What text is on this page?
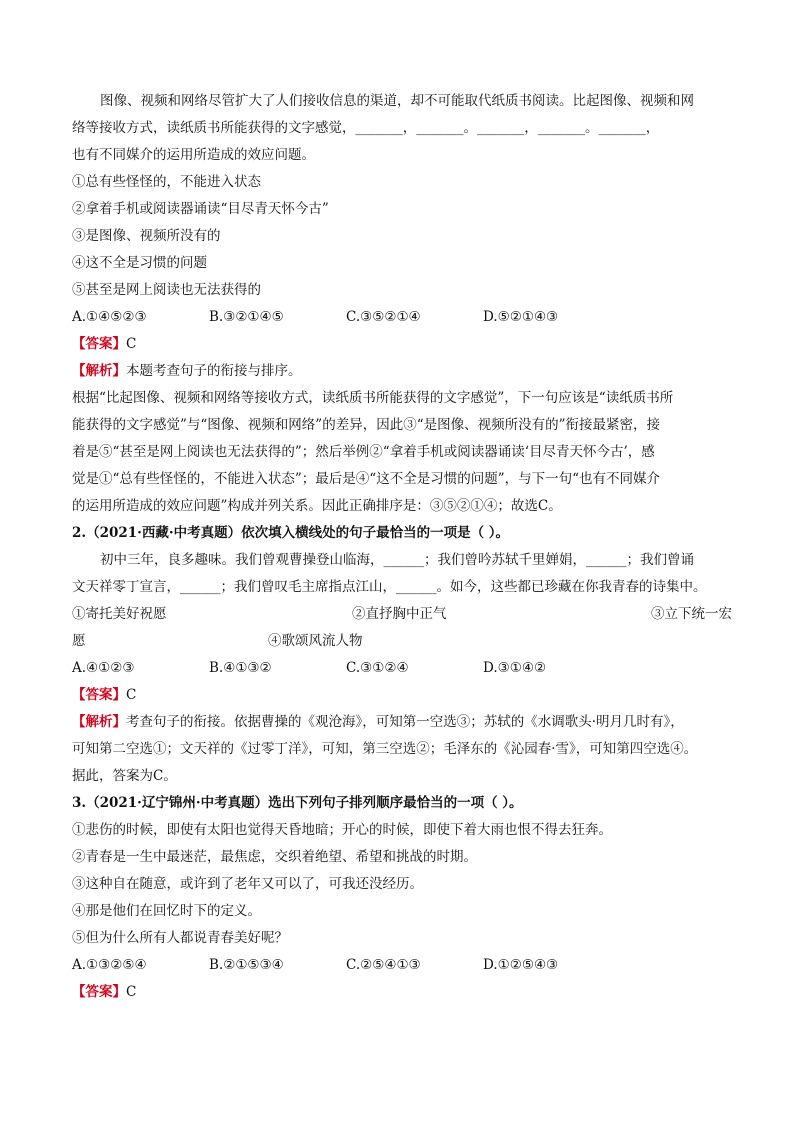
图像、视频和网络尽管扩大了人们接收信息的渠道，却不可能取代纸质书阅读。比起图像、视频和网

络等接收方式，读纸质书所能获得的文字感觉，_______，_______。_______，_______。_______，

也有不同媒介的运用所造成的效应问题。

①总有些怪怪的，不能进入状态

②拿着手机或阅读器诵读“目尽青天怀今古”

③是图像、视频所没有的

④这不全是习惯的问题

⑤甚至是网上阅读也无法获得的

A.①④⑤②③	B.③②①④⑤	C.③⑤②①④	D.⑤②①④③

【答案】C

【解析】本题考查句子的衔接与排序。

根据“比起图像、视频和网络等接收方式，读纸质书所能获得的文字感觉”，下一句应该是“读纸质书所

能获得的文字感觉”与“图像、视频和网络”的差异，因此③“是图像、视频所没有的”衔接最紧密，接

着是⑤“甚至是网上阅读也无法获得的”；然后举例②“拿着手机或阅读器诵读‘目尽青天怀今古’，感

觉是①“总有些怪怪的，不能进入状态”；最后是④“这不全是习惯的问题”，与下一句“也有不同媒介

的运用所造成的效应问题”构成并列关系。因此正确排序是：③⑤②①④；故选C。

2.（2021·西藏·中考真题）依次填入横线处的句子最恰当的一项是（ ）。

初中三年，良多趣味。我们曾观曹操登山临海，______；我们曾吟苏轼千里婵娟，______；我们曾诵

文天祥零丁宣言，______；我们曾叹毛主席指点江山，______。如今，这些都已珍藏在你我青春的诗集中。

①寄托美好祝愿	②直抒胸中正气	③立下统一宏
愿	④歌颂风流人物
A.④①②③	B.④①③②	C.③①②④	D.③①④②

【答案】C

【解析】考查句子的衔接。依据曹操的《观沧海》，可知第一空选③；苏轼的《水调歌头·明月几时有》，

可知第二空选①；文天祥的《过零丁洋》，可知，第三空选②；毛泽东的《沁园春·雪》，可知第四空选④。

据此，答案为C。

3.（2021·辽宁锦州·中考真题）选出下列句子排列顺序最恰当的一项（ ）。

①悲伤的时候，即使有太阳也觉得天昏地暗；开心的时候，即使下着大雨也恨不得去狂奔。

②青春是一生中最迷茫，最焦虑，交织着绝望、希望和挑战的时期。

③这种自在随意，或许到了老年又可以了，可我还没经历。

④那是他们在回忆时下的定义。

⑤但为什么所有人都说青春美好呢？

A.①③②⑤④	B.②①⑤③④	C.②⑤④①③	D.①②⑤④③

【答案】C
